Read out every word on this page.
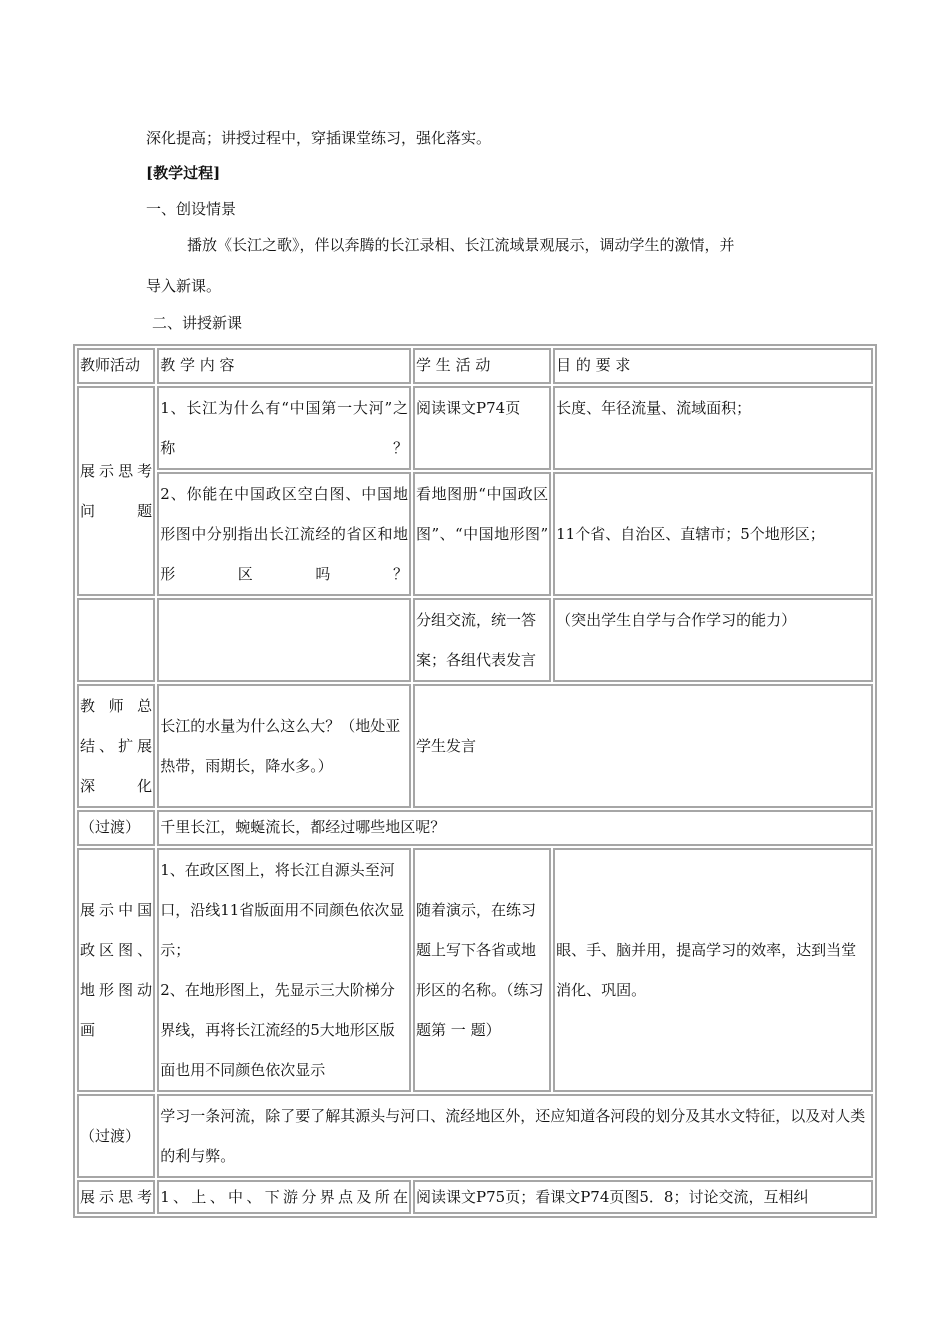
深化提高；讲授过程中，穿插课堂练习，强化落实。
[教学过程]
一、创设情景
播放《长江之歌》，伴以奔腾的长江录相、长江流域景观展示，调动学生的激情，并
导入新课。
二、讲授新课
教师活动	教 学 内 容	学 生 活 动	目 的 要 求
展示思考问题	1、长江为什么有“中国第一大河”之称？	阅读课文P74页	长度、年径流量、流域面积；
	2、你能在中国政区空白图、中国地形图中分别指出长江流经的省区和地形区吗？	看地图册“中国政区图”、“中国地形图”	11个省、自治区、直辖市；5个地形区；
		分组交流，统一答案；各组代表发言	（突出学生自学与合作学习的能力）
教师总结、扩展深化	长江的水量为什么这么大？（地处亚热带，雨期长，降水多。）	学生发言	
（过渡）	千里长江，蜿蜒流长，都经过哪些地区呢？		
展示中国政区图、地形图动画	1、在政区图上，将长江自源头至河口，沿线11省版面用不同颜色依次显示；
2、在地形图上，先显示三大阶梯分界线，再将长江流经的5大地形区版面也用不同颜色依次显示	随着演示，在练习题上写下各省或地形区的名称。（练习题第 一 题）	眼、手、脑并用，提高学习的效率，达到当堂消化、巩固。
（过渡）	学习一条河流，除了要了解其源头与河口、流经地区外，还应知道各河段的划分及其水文特征，以及对人类的利与弊。		
展示思考	1、上、中、下游分界点及所在	阅读课文P75页；看课文P74页图5．8；讨论交流，互相纠	
